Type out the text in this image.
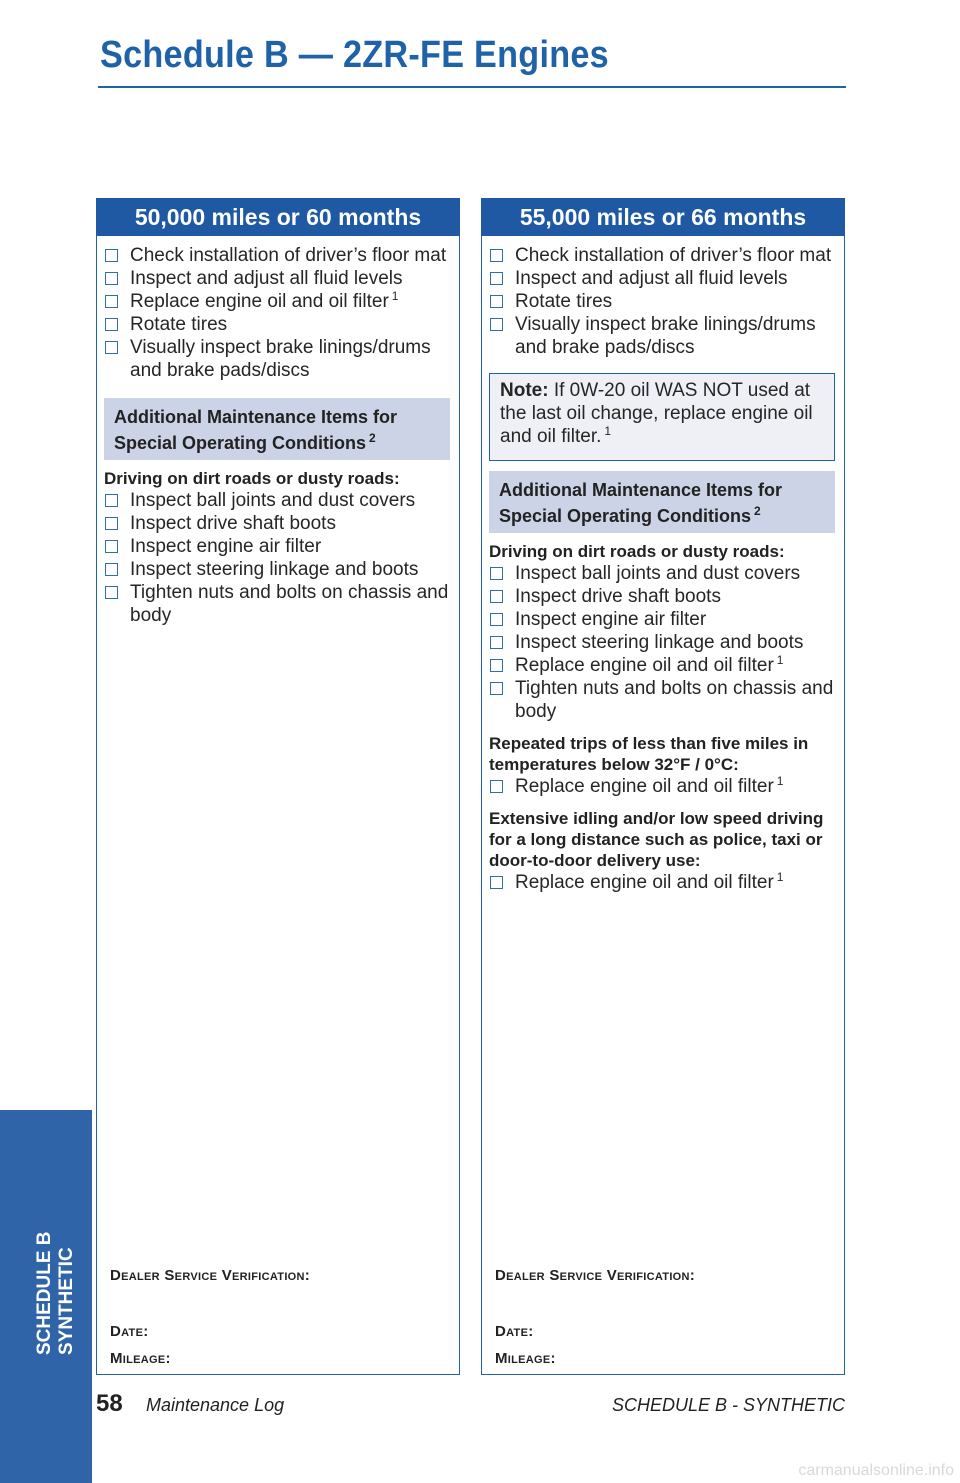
Schedule B — 2ZR-FE Engines
50,000 miles or 60 months
Check installation of driver’s floor mat
Inspect and adjust all fluid levels
Replace engine oil and oil filter $^1$
Rotate tires
Visually inspect brake linings/drums and brake pads/discs
Additional Maintenance Items for
Special Operating Conditions $^2$
Driving on dirt roads or dusty roads:
Inspect ball joints and dust covers
Inspect drive shaft boots
Inspect engine air filter
Inspect steering linkage and boots
Tighten nuts and bolts on chassis and body
Dealer Service Verification:
Date:
Mileage:
55,000 miles or 66 months
Check installation of driver’s floor mat
Inspect and adjust all fluid levels
Rotate tires
Visually inspect brake linings/drums and brake pads/discs
Note: If 0W-20 oil WAS NOT used at the last oil change, replace engine oil and oil filter. $^1$
Additional Maintenance Items for
Special Operating Conditions $^2$
Driving on dirt roads or dusty roads:
Inspect ball joints and dust covers
Inspect drive shaft boots
Inspect engine air filter
Inspect steering linkage and boots
Replace engine oil and oil filter $^1$
Tighten nuts and bolts on chassis and body
Repeated trips of less than five miles in temperatures below 32°F / 0°C:
Replace engine oil and oil filter $^1$
Extensive idling and/or low speed driving for a long distance such as police, taxi or door-to-door delivery use:
Replace engine oil and oil filter $^1$
Dealer Service Verification:
Date:
Mileage:
SCHEDULE B
SYNTHETIC
58 Maintenance Log	SCHEDULE B - SYNTHETIC
carmanualsonline.info
